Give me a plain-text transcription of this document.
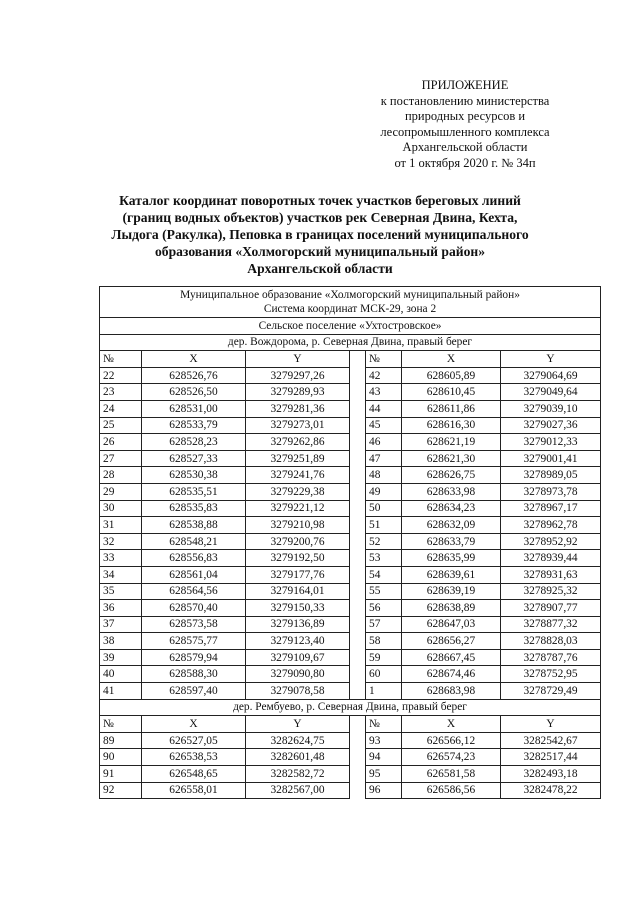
ПРИЛОЖЕНИЕ
к постановлению министерства
природных ресурсов и
лесопромышленного комплекса
Архангельской области
от 1 октября 2020 г. № 34п
Каталог координат поворотных точек участков береговых линий
(границ водных объектов) участков рек Северная Двина, Кехта,
Лыдога (Ракулка), Пеповка в границах поселений муниципального
образования «Холмогорский муниципальный район»
Архангельской области
Муниципальное образование «Холмогорский муниципальный район»
Система координат МСК-29, зона 2						

Сельское поселение «Ухтостровское»						
дер. Вождорома, р. Северная Двина, правый берег						
№	X	Y		№	X	Y
22	628526,76	3279297,26		42	628605,89	3279064,69
23	628526,50	3279289,93		43	628610,45	3279049,64
24	628531,00	3279281,36		44	628611,86	3279039,10
25	628533,79	3279273,01		45	628616,30	3279027,36
26	628528,23	3279262,86		46	628621,19	3279012,33
27	628527,33	3279251,89		47	628621,30	3279001,41
28	628530,38	3279241,76		48	628626,75	3278989,05
29	628535,51	3279229,38		49	628633,98	3278973,78
30	628535,83	3279221,12		50	628634,23	3278967,17
31	628538,88	3279210,98		51	628632,09	3278962,78
32	628548,21	3279200,76		52	628633,79	3278952,92
33	628556,83	3279192,50		53	628635,99	3278939,44
34	628561,04	3279177,76		54	628639,61	3278931,63
35	628564,56	3279164,01		55	628639,19	3278925,32
36	628570,40	3279150,33		56	628638,89	3278907,77
37	628573,58	3279136,89		57	628647,03	3278877,32
38	628575,77	3279123,40		58	628656,27	3278828,03
39	628579,94	3279109,67		59	628667,45	3278787,76
40	628588,30	3279090,80		60	628674,46	3278752,95
41	628597,40	3279078,58		1	628683,98	3278729,49
дер. Рембуево, р. Северная Двина, правый берег						
№	X	Y		№	X	Y
89	626527,05	3282624,75		93	626566,12	3282542,67
90	626538,53	3282601,48		94	626574,23	3282517,44
91	626548,65	3282582,72		95	626581,58	3282493,18
92	626558,01	3282567,00		96	626586,56	3282478,22
